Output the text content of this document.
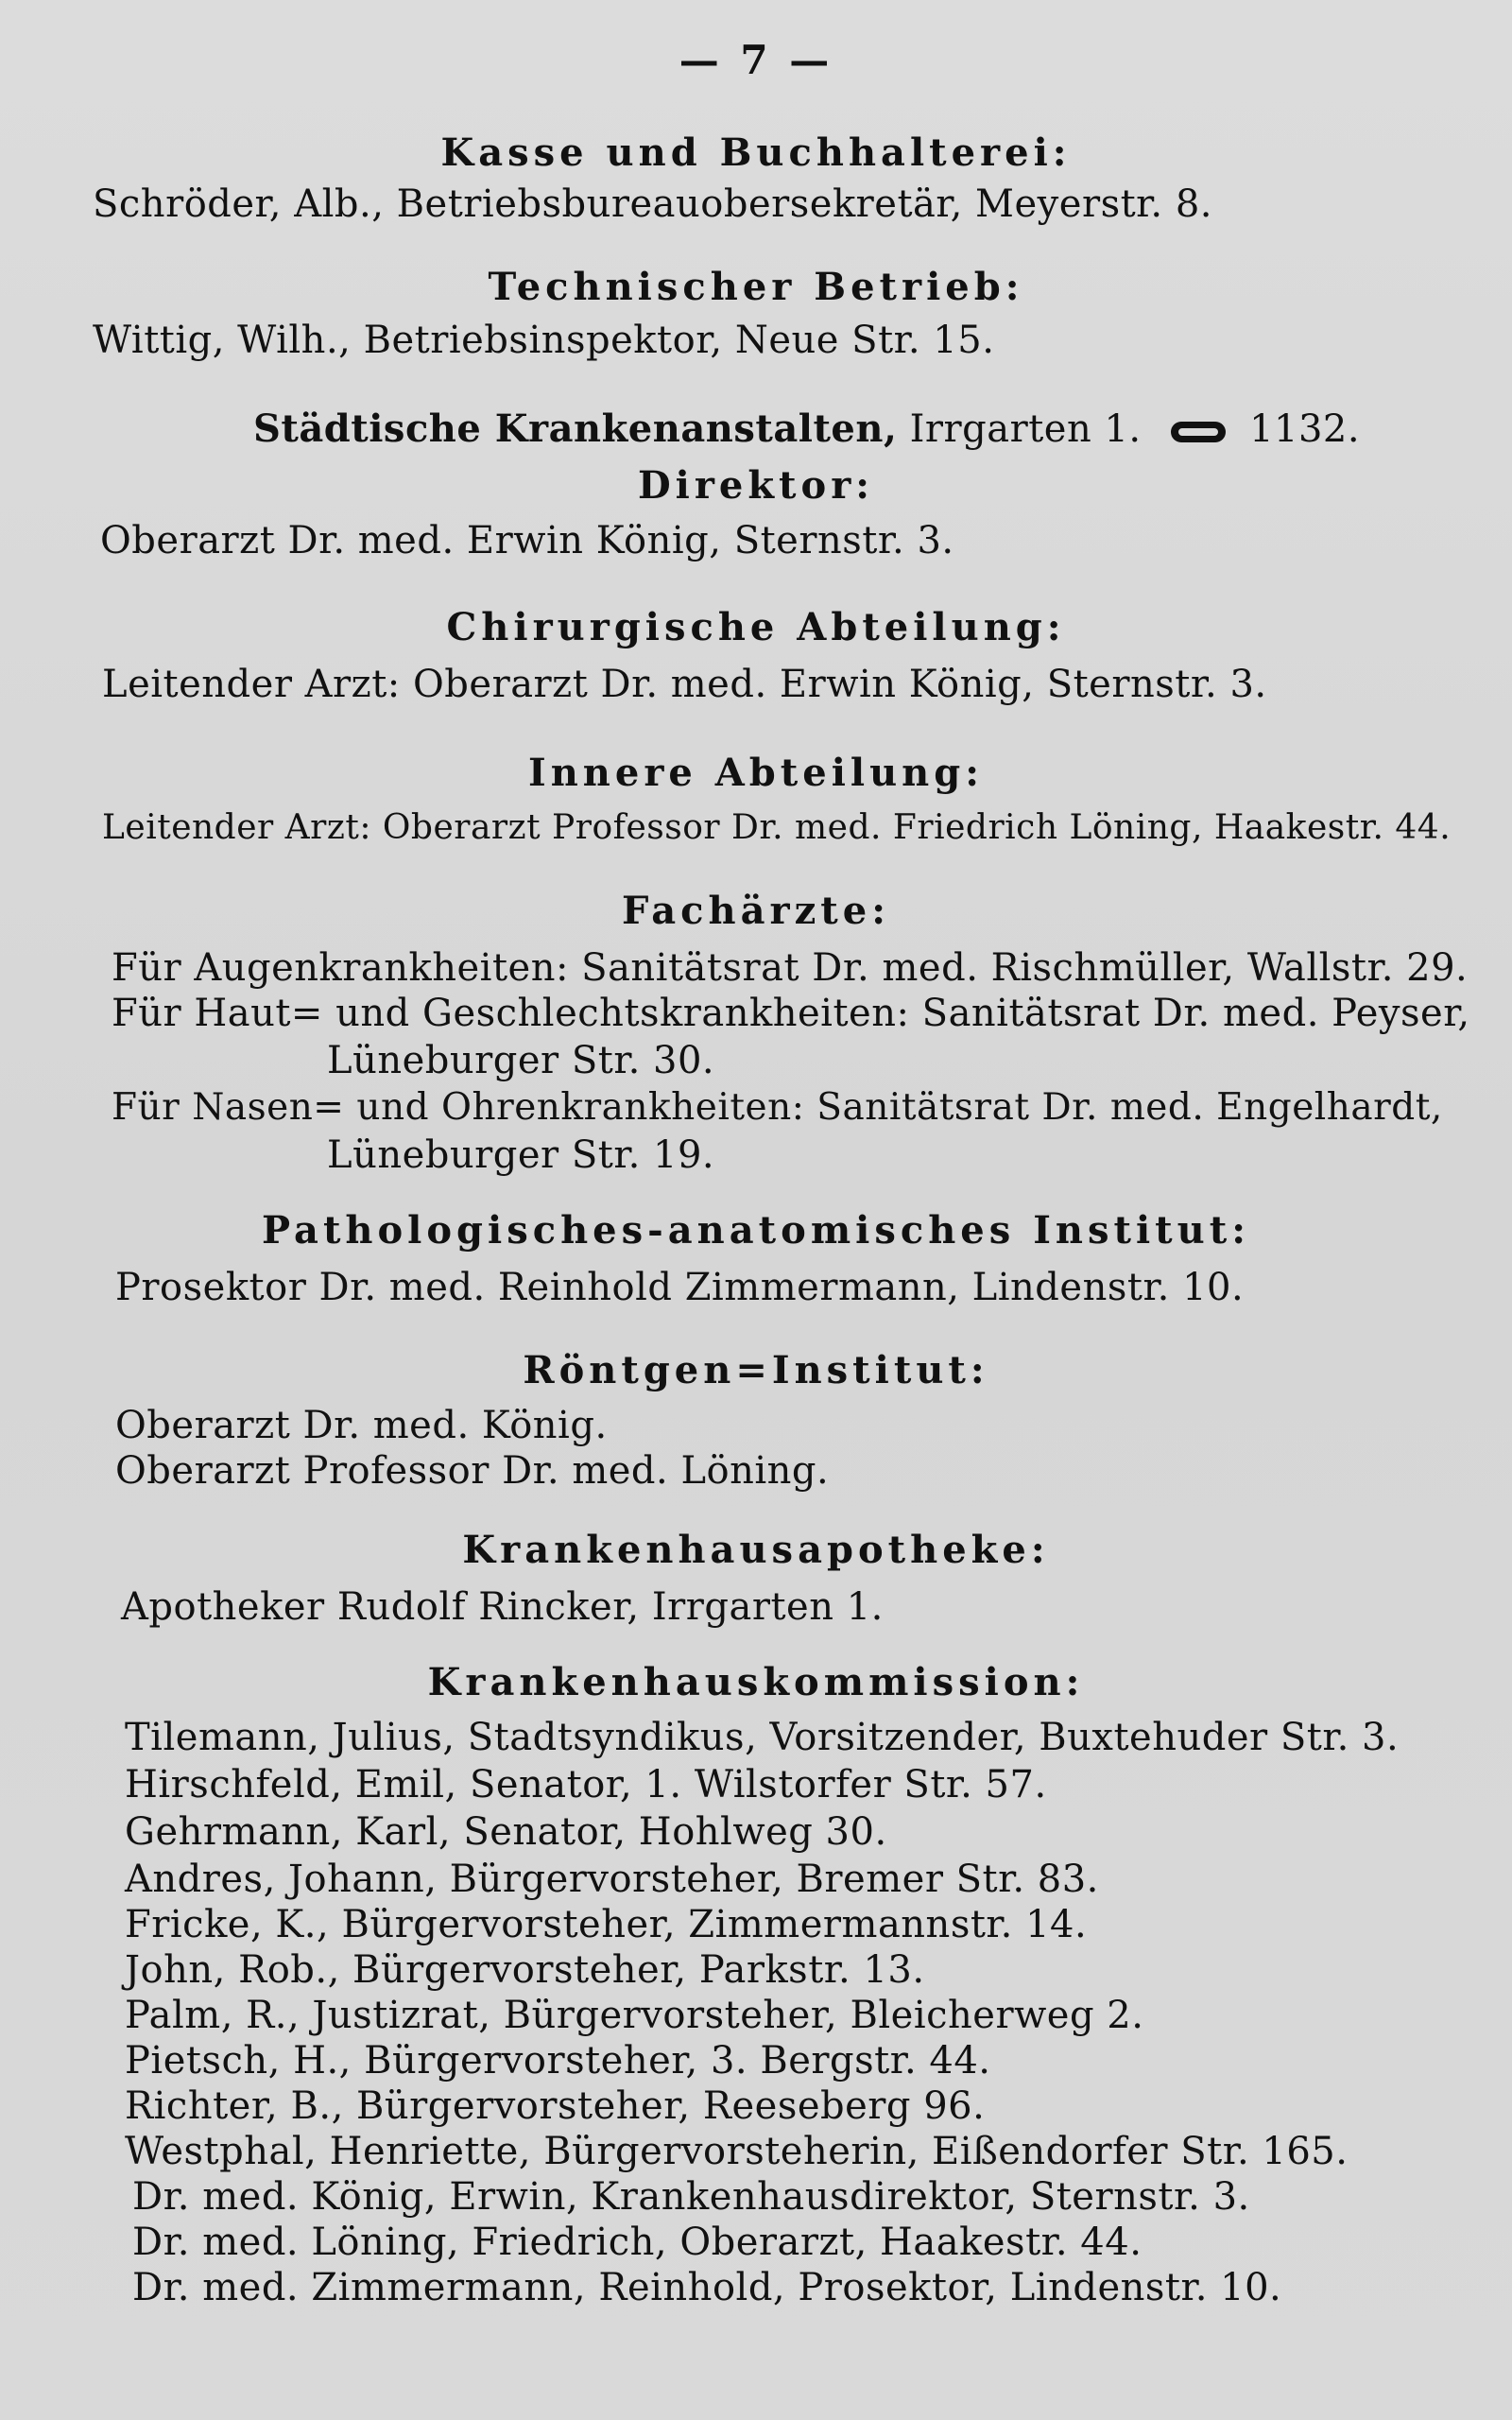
— 7 —
Kasse und Buchhalterei:
Schröder, Alb., Betriebsbureauobersekretär, Meyerstr. 8.
Technischer Betrieb:
Wittig, Wilh., Betriebsinspektor, Neue Str. 15.
Städtische Krankenanstalten, Irrgarten 1.	1132.
Direktor:
Oberarzt Dr. med. Erwin König, Sternstr. 3.
Chirurgische Abteilung:
Leitender Arzt: Oberarzt Dr. med. Erwin König, Sternstr. 3.
Innere Abteilung:
Leitender Arzt: Oberarzt Professor Dr. med. Friedrich Löning, Haakestr. 44.
Fachärzte:
Für Augenkrankheiten: Sanitätsrat Dr. med. Rischmüller, Wallstr. 29.
Für Haut= und Geschlechtskrankheiten: Sanitätsrat Dr. med. Peyser,
Lüneburger Str. 30.
Für Nasen= und Ohrenkrankheiten: Sanitätsrat Dr. med. Engelhardt,
Lüneburger Str. 19.
Pathologisches-anatomisches Institut:
Prosektor Dr. med. Reinhold Zimmermann, Lindenstr. 10.
Röntgen=Institut:
Oberarzt Dr. med. König.
Oberarzt Professor Dr. med. Löning.
Krankenhausapotheke:
Apotheker Rudolf Rincker, Irrgarten 1.
Krankenhauskommission:
Tilemann, Julius, Stadtsyndikus, Vorsitzender, Buxtehuder Str. 3.
Hirschfeld, Emil, Senator, 1. Wilstorfer Str. 57.
Gehrmann, Karl, Senator, Hohlweg 30.
Andres, Johann, Bürgervorsteher, Bremer Str. 83.
Fricke, K., Bürgervorsteher, Zimmermannstr. 14.
John, Rob., Bürgervorsteher, Parkstr. 13.
Palm, R., Justizrat, Bürgervorsteher, Bleicherweg 2.
Pietsch, H., Bürgervorsteher, 3. Bergstr. 44.
Richter, B., Bürgervorsteher, Reeseberg 96.
Westphal, Henriette, Bürgervorsteherin, Eißendorfer Str. 165.
Dr. med. König, Erwin, Krankenhausdirektor, Sternstr. 3.
Dr. med. Löning, Friedrich, Oberarzt, Haakestr. 44.
Dr. med. Zimmermann, Reinhold, Prosektor, Lindenstr. 10.
